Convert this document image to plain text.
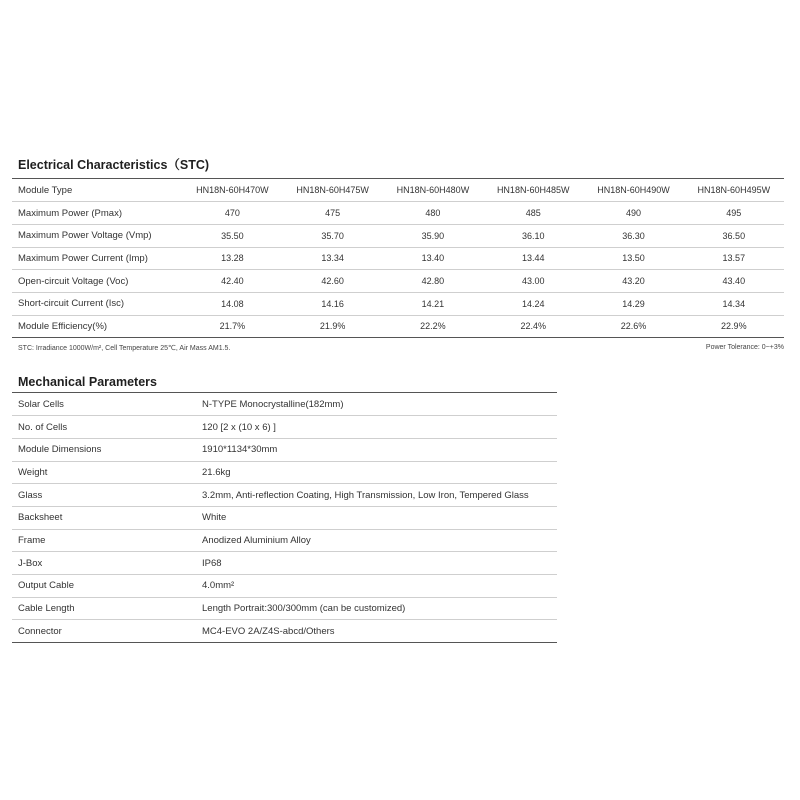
Electrical Characteristics（STC)
Module Type	HN18N-60H470W	HN18N-60H475W	HN18N-60H480W	HN18N-60H485W	HN18N-60H490W	HN18N-60H495W
Maximum Power (Pmax)	470	475	480	485	490	495
Maximum Power Voltage (Vmp)	35.50	35.70	35.90	36.10	36.30	36.50
Maximum Power Current (Imp)	13.28	13.34	13.40	13.44	13.50	13.57
Open-circuit Voltage (Voc)	42.40	42.60	42.80	43.00	43.20	43.40
Short-circuit Current (Isc)	14.08	14.16	14.21	14.24	14.29	14.34
Module Efficiency(%)	21.7%	21.9%	22.2%	22.4%	22.6%	22.9%
STC: Irradiance 1000W/m², Cell Temperature 25℃, Air Mass AM1.5.	Power Tolerance: 0~+3%
Mechanical Parameters
Solar Cells	N-TYPE Monocrystalline(182mm)
No. of Cells	120 [2 x (10 x 6) ]
Module Dimensions	1910*1134*30mm
Weight	21.6kg
Glass	3.2mm, Anti-reflection Coating, High Transmission, Low Iron, Tempered Glass
Backsheet	White
Frame	Anodized Aluminium Alloy
J-Box	IP68
Output Cable	4.0mm²
Cable Length	Length Portrait:300/300mm (can be customized)
Connector	MC4-EVO 2A/Z4S-abcd/Others
